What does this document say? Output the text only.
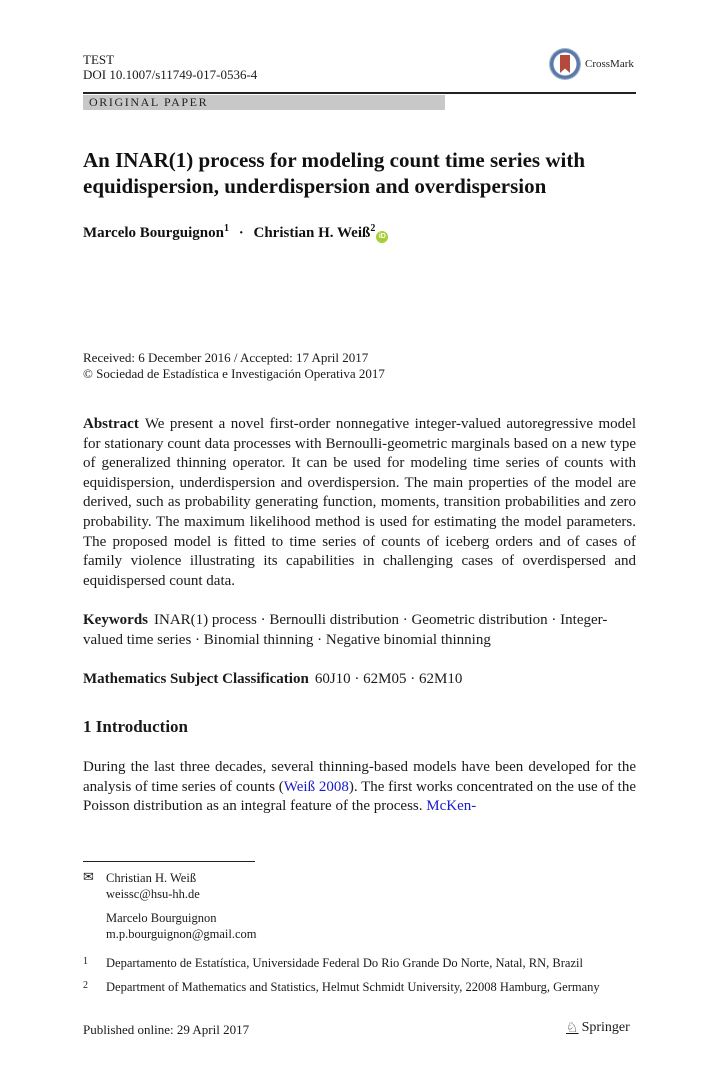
TEST
DOI 10.1007/s11749-017-0536-4
CrossMark
ORIGINAL PAPER
An INAR(1) process for modeling count time series with equidispersion, underdispersion and overdispersion
Marcelo Bourguignon$^1$ · Christian H. Weiß$^2$iD
Received: 6 December 2016 / Accepted: 17 April 2017
© Sociedad de Estadística e Investigación Operativa 2017
Abstract We present a novel first-order nonnegative integer-valued autoregressive model for stationary count data processes with Bernoulli-geometric marginals based on a new type of generalized thinning operator. It can be used for modeling time series of counts with equidispersion, underdispersion and overdispersion. The main properties of the model are derived, such as probability generating function, moments, transition probabilities and zero probability. The maximum likelihood method is used for estimating the model parameters. The proposed model is fitted to time series of counts of iceberg orders and of cases of family violence illustrating its capabilities in challenging cases of overdispersed and equidispersed count data.
Keywords INAR(1) process · Bernoulli distribution · Geometric distribution · Integer-valued time series · Binomial thinning · Negative binomial thinning
Mathematics Subject Classification 60J10 · 62M05 · 62M10
1 Introduction
During the last three decades, several thinning-based models have been developed for the analysis of time series of counts (Weiß 2008). The first works concentrated on the use of the Poisson distribution as an integral feature of the process. McKen-
✉ Christian H. Weiß
weissc@hsu-hh.de
Marcelo Bourguignon
m.p.bourguignon@gmail.com
1 Departamento de Estatística, Universidade Federal Do Rio Grande Do Norte, Natal, RN, Brazil
2 Department of Mathematics and Statistics, Helmut Schmidt University, 22008 Hamburg, Germany
Published online: 29 April 2017	♘ Springer
